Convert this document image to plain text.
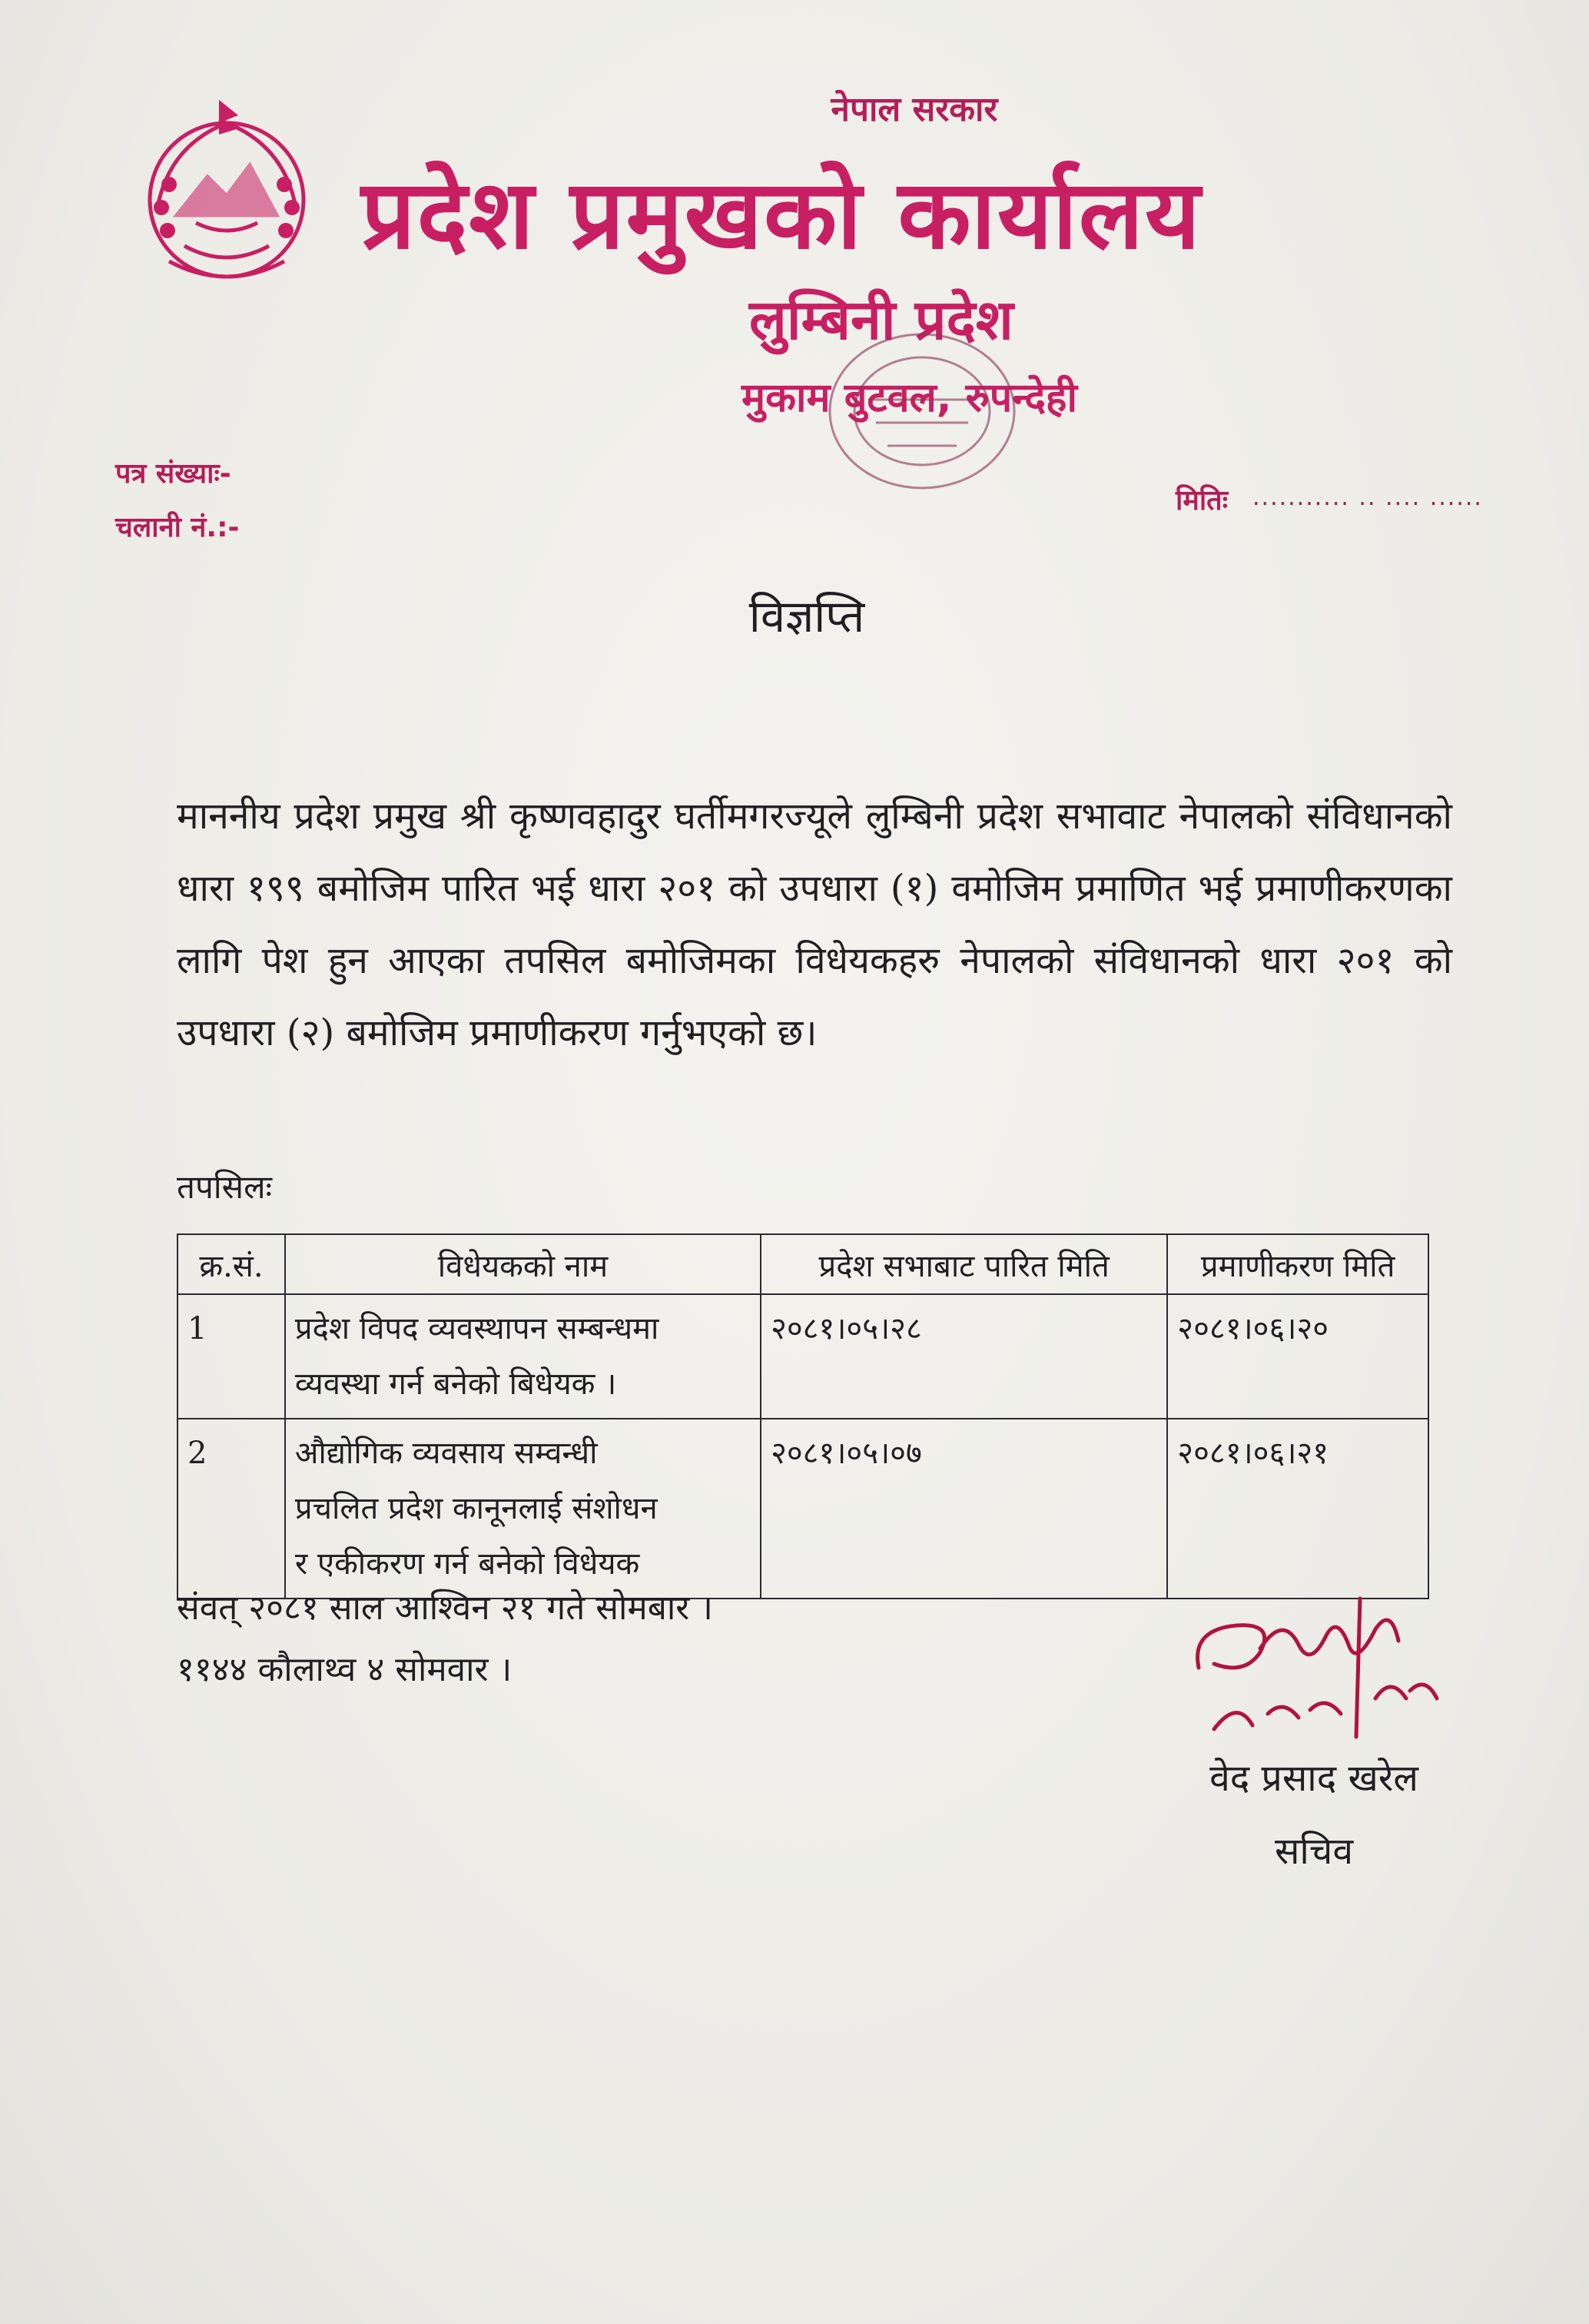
नेपाल सरकार
प्रदेश प्रमुखको कार्यालय
लुम्बिनी प्रदेश
मुकाम बुटवल, रुपन्देही
पत्र संख्याः-
चलानी नं.:-
मितिः ........... .. .... ......
विज्ञप्ति
माननीय प्रदेश प्रमुख श्री कृष्णवहादुर घर्तीमगरज्यूले लुम्बिनी प्रदेश सभावाट नेपालको संविधानको धारा १९९ बमोजिम पारित भई धारा २०१ को उपधारा (१) वमोजिम प्रमाणित भई प्रमाणीकरणका लागि पेश हुन आएका तपसिल बमोजिमका विधेयकहरु नेपालको संविधानको धारा २०१ को उपधारा (२) बमोजिम प्रमाणीकरण गर्नुभएको छ।
तपसिलः
क्र.सं.	विधेयकको नाम	प्रदेश सभाबाट पारित मिति	प्रमाणीकरण मिति
1	प्रदेश विपद व्यवस्थापन सम्बन्धमा
व्यवस्था गर्न बनेको बिधेयक ।	२०८१।०५।२८	२०८१।०६।२०
2	औद्योगिक व्यवसाय सम्वन्धी
प्रचलित प्रदेश कानूनलाई संशोधन
र एकीकरण गर्न बनेको विधेयक	२०८१।०५।०७	२०८१।०६।२१
संवत् २०८१ साल आश्विन २१ गते सोमबार ।
११४४ कौलाथ्व ४ सोमवार ।
वेद प्रसाद खरेल
सचिव
